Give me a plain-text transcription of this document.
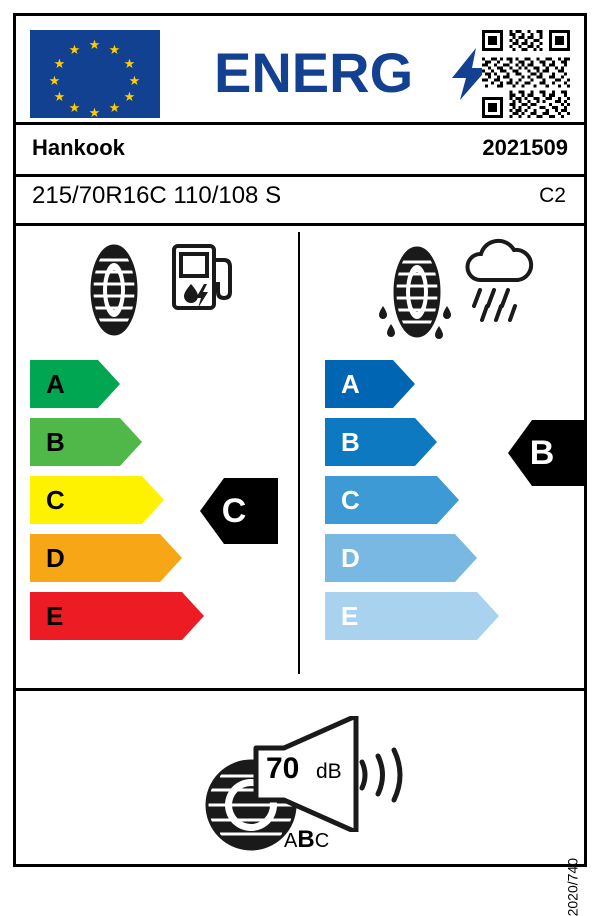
★
★ ★
★	★
★	★
★	★
★ ★
★
ENERG
Hankook	2021509
215/70R16C 110/108 S	C2
A
B
C
D
E
C
A
B
C
D
E
B
70 dB
ABC
2020/740
